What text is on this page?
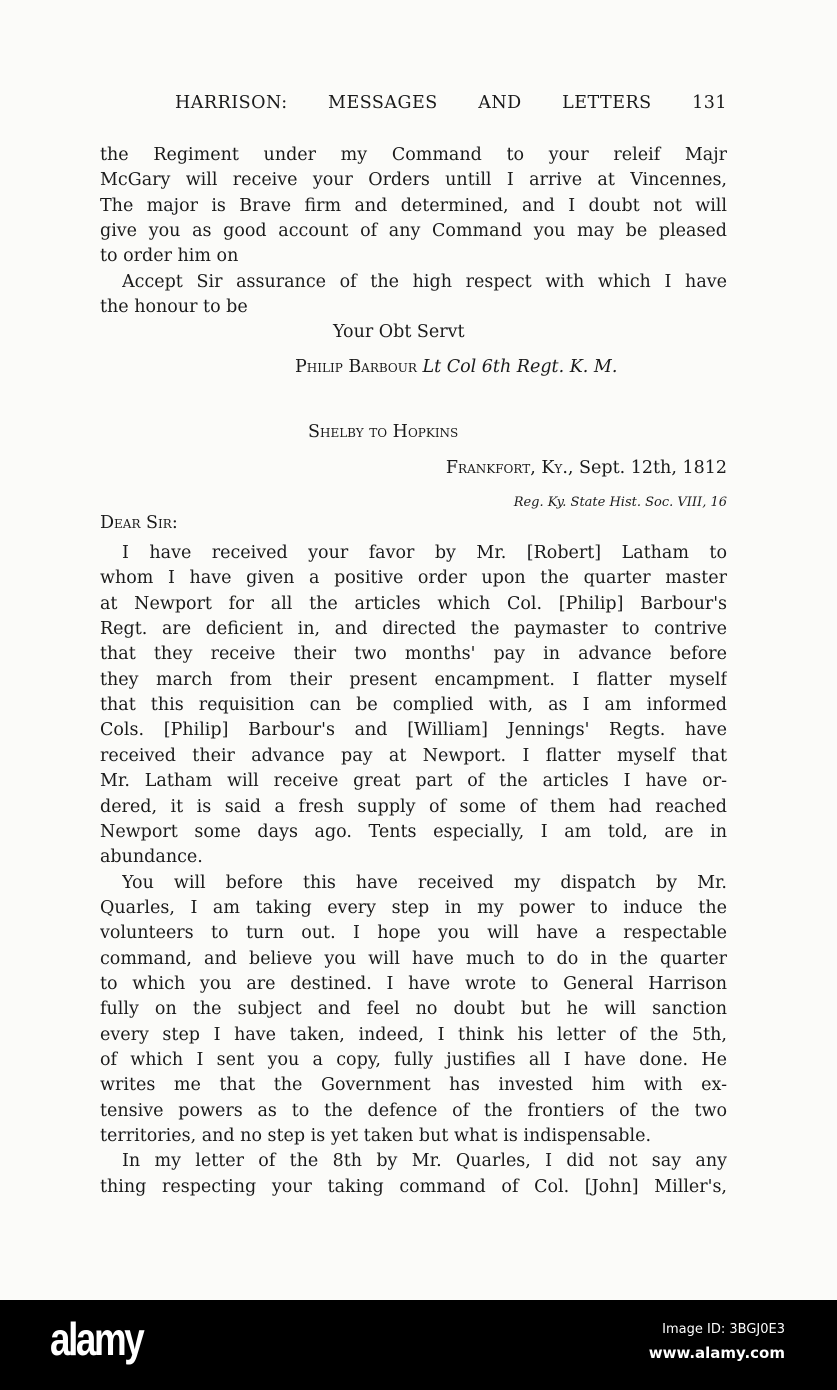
HARRISON: MESSAGES AND LETTERS 131
the Regiment under my Command to your releif Majr
McGary will receive your Orders untill I arrive at Vincennes,
The major is Brave firm and determined, and I doubt not will
give you as good account of any Command you may be pleased
to order him on
Accept Sir assurance of the high respect with which I have
the honour to be
Your Obt Servt
Philip Barbour Lt Col 6th Regt. K. M.
Shelby to Hopkins
Frankfort, Ky., Sept. 12th, 1812
Reg. Ky. State Hist. Soc. VIII, 16
Dear Sir:
I have received your favor by Mr. [Robert] Latham to
whom I have given a positive order upon the quarter master
at Newport for all the articles which Col. [Philip] Barbour's
Regt. are deficient in, and directed the paymaster to contrive
that they receive their two months' pay in advance before
they march from their present encampment. I flatter myself
that this requisition can be complied with, as I am informed
Cols. [Philip] Barbour's and [William] Jennings' Regts. have
received their advance pay at Newport. I flatter myself that
Mr. Latham will receive great part of the articles I have or-
dered, it is said a fresh supply of some of them had reached
Newport some days ago. Tents especially, I am told, are in
abundance.
You will before this have received my dispatch by Mr.
Quarles, I am taking every step in my power to induce the
volunteers to turn out. I hope you will have a respectable
command, and believe you will have much to do in the quarter
to which you are destined. I have wrote to General Harrison
fully on the subject and feel no doubt but he will sanction
every step I have taken, indeed, I think his letter of the 5th,
of which I sent you a copy, fully justifies all I have done. He
writes me that the Government has invested him with ex-
tensive powers as to the defence of the frontiers of the two
territories, and no step is yet taken but what is indispensable.
In my letter of the 8th by Mr. Quarles, I did not say any
thing respecting your taking command of Col. [John] Miller's,
alamy	Image ID: 3BGJ0E3
www.alamy.com
